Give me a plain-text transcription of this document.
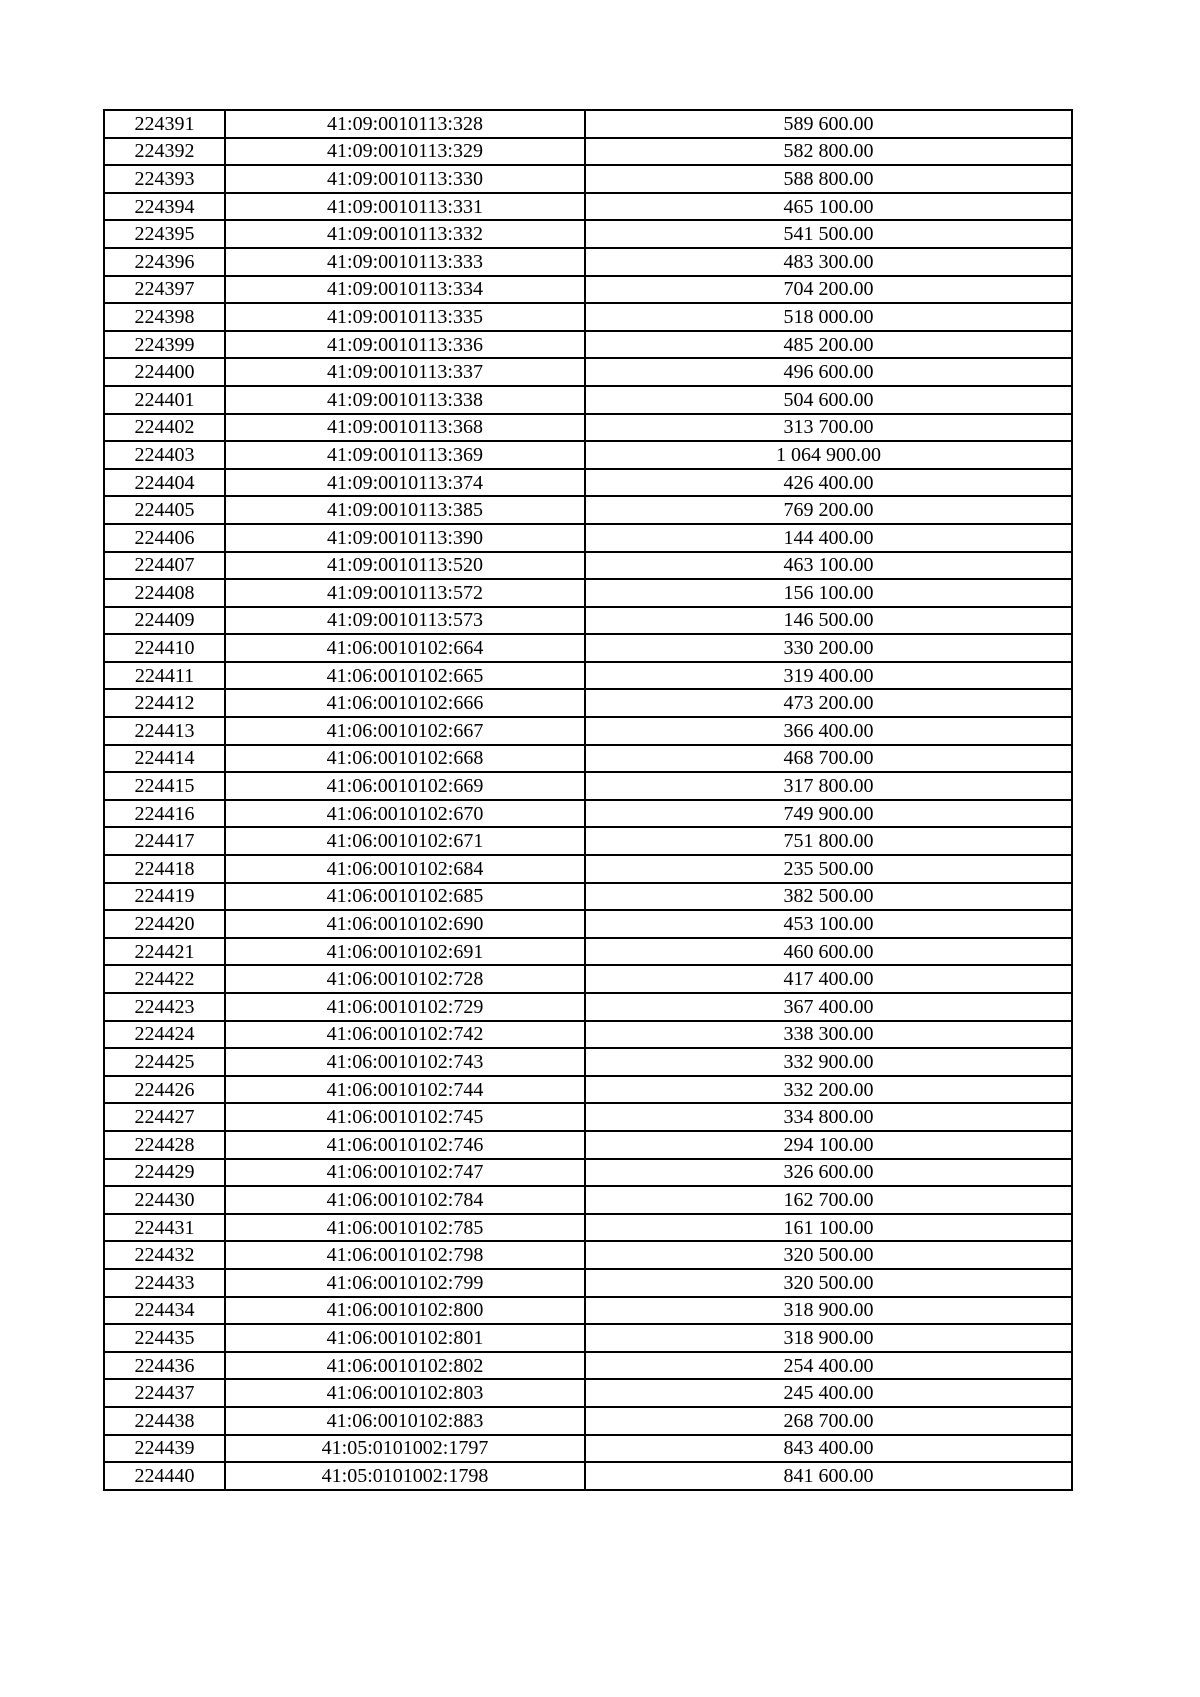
224391	41:09:0010113:328	589 600.00
224392	41:09:0010113:329	582 800.00
224393	41:09:0010113:330	588 800.00
224394	41:09:0010113:331	465 100.00
224395	41:09:0010113:332	541 500.00
224396	41:09:0010113:333	483 300.00
224397	41:09:0010113:334	704 200.00
224398	41:09:0010113:335	518 000.00
224399	41:09:0010113:336	485 200.00
224400	41:09:0010113:337	496 600.00
224401	41:09:0010113:338	504 600.00
224402	41:09:0010113:368	313 700.00
224403	41:09:0010113:369	1 064 900.00
224404	41:09:0010113:374	426 400.00
224405	41:09:0010113:385	769 200.00
224406	41:09:0010113:390	144 400.00
224407	41:09:0010113:520	463 100.00
224408	41:09:0010113:572	156 100.00
224409	41:09:0010113:573	146 500.00
224410	41:06:0010102:664	330 200.00
224411	41:06:0010102:665	319 400.00
224412	41:06:0010102:666	473 200.00
224413	41:06:0010102:667	366 400.00
224414	41:06:0010102:668	468 700.00
224415	41:06:0010102:669	317 800.00
224416	41:06:0010102:670	749 900.00
224417	41:06:0010102:671	751 800.00
224418	41:06:0010102:684	235 500.00
224419	41:06:0010102:685	382 500.00
224420	41:06:0010102:690	453 100.00
224421	41:06:0010102:691	460 600.00
224422	41:06:0010102:728	417 400.00
224423	41:06:0010102:729	367 400.00
224424	41:06:0010102:742	338 300.00
224425	41:06:0010102:743	332 900.00
224426	41:06:0010102:744	332 200.00
224427	41:06:0010102:745	334 800.00
224428	41:06:0010102:746	294 100.00
224429	41:06:0010102:747	326 600.00
224430	41:06:0010102:784	162 700.00
224431	41:06:0010102:785	161 100.00
224432	41:06:0010102:798	320 500.00
224433	41:06:0010102:799	320 500.00
224434	41:06:0010102:800	318 900.00
224435	41:06:0010102:801	318 900.00
224436	41:06:0010102:802	254 400.00
224437	41:06:0010102:803	245 400.00
224438	41:06:0010102:883	268 700.00
224439	41:05:0101002:1797	843 400.00
224440	41:05:0101002:1798	841 600.00
